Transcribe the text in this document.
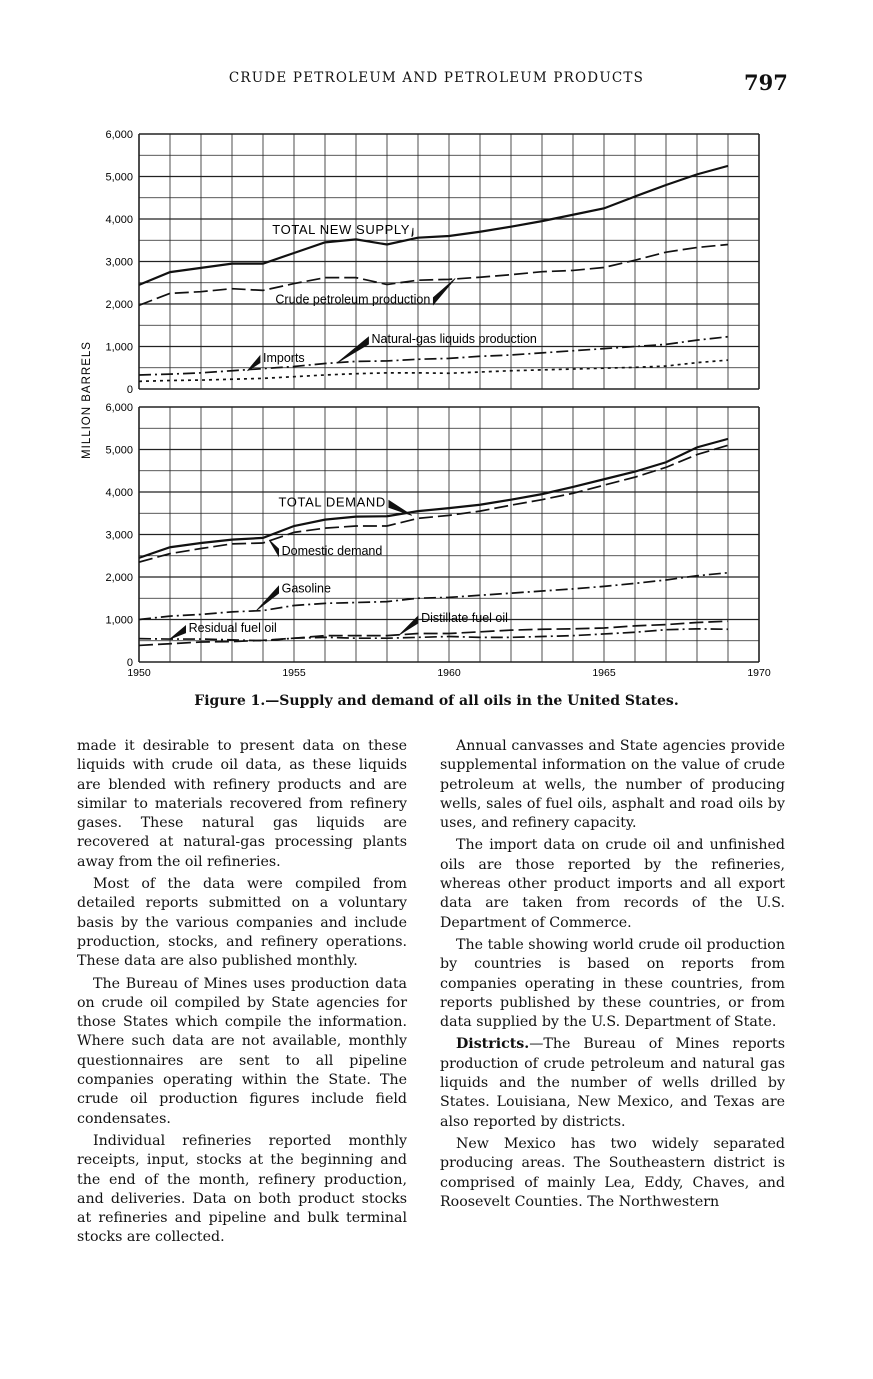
CRUDE PETROLEUM AND PETROLEUM PRODUCTS	797
0
1,000
2,000
3,000
4,000
5,000
6,000
TOTAL NEW SUPPLY
Crude petroleum production
Natural-gas liquids production
Imports
0
1,000
2,000
3,000
4,000
5,000
6,000
1950	1955	1960	1965	1970
TOTAL DEMAND
Domestic demand
Gasoline
Distillate fuel oil
Residual fuel oil
MILLION BARRELS
Figure 1.—Supply and demand of all oils in the United States.

made it desirable to present data on these liquids with crude oil data, as these liquids are blended with refinery products and are similar to materials recovered from refinery gases. These natural gas liquids are recovered at natural-gas processing plants away from the oil refineries.

Most of the data were compiled from detailed reports submitted on a voluntary basis by the various companies and include production, stocks, and refinery operations. These data are also published monthly.

The Bureau of Mines uses production data on crude oil compiled by State agencies for those States which compile the information. Where such data are not available, monthly questionnaires are sent to all pipeline companies operating within the State. The crude oil production figures include field condensates.

Individual refineries reported monthly receipts, input, stocks at the beginning and the end of the month, refinery production, and deliveries. Data on both product stocks at refineries and pipeline and bulk terminal stocks are collected.

Annual canvasses and State agencies provide supplemental information on the value of crude petroleum at wells, the number of producing wells, sales of fuel oils, asphalt and road oils by uses, and refinery capacity.

The import data on crude oil and unfinished oils are those reported by the refineries, whereas other product imports and all export data are taken from records of the U.S. Department of Commerce.

The table showing world crude oil production by countries is based on reports from companies operating in these countries, from reports published by these countries, or from data supplied by the U.S. Department of State.

Districts.—The Bureau of Mines reports production of crude petroleum and natural gas liquids and the number of wells drilled by States. Louisiana, New Mexico, and Texas are also reported by districts.

New Mexico has two widely separated producing areas. The Southeastern district is comprised of mainly Lea, Eddy, Chaves, and Roosevelt Counties. The Northwestern
